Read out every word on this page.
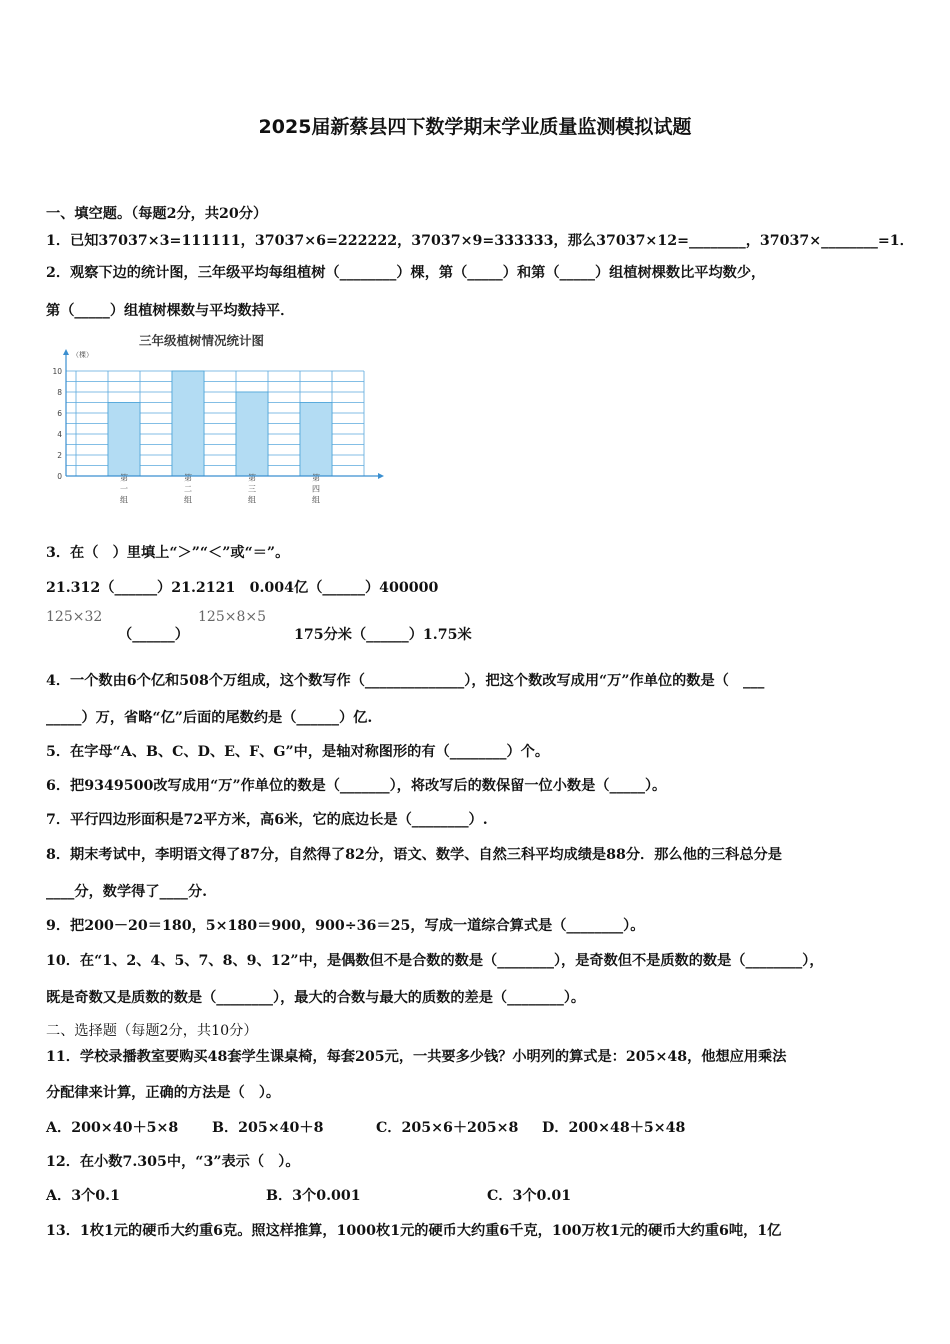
2025届新蔡县四下数学期末学业质量监测模拟试题
一、填空题。（每题2分，共20分）
1．已知37037×3=111111，37037×6=222222，37037×9=333333，那么37037×12=________，37037×________=1．
2．观察下边的统计图，三年级平均每组植树（________）棵，第（_____）和第（_____）组植树棵数比平均数少，
第（_____）组植树棵数与平均数持平．
三年级植树情况统计图
（棵）
0
2
4
6
8
10
第一组	第二组	第三组	第四组
3．在（　）里填上“＞”“＜”或“＝”。
21.312（______）21.2121　0.004亿（______）400000
125×32
（______）
125×8×5
175分米（______）1.75米
4．一个数由6个亿和508个万组成，这个数写作（______________），把这个数改写成用“万”作单位的数是（　___
_____）万，省略“亿”后面的尾数约是（______）亿.
5．在字母“A、B、C、D、E、F、G”中，是轴对称图形的有（________）个。
6．把9349500改写成用“万”作单位的数是（_______），将改写后的数保留一位小数是（_____）。
7．平行四边形面积是72平方米，高6米，它的底边长是（________）.
8．期末考试中，李明语文得了87分，自然得了82分，语文、数学、自然三科平均成绩是88分．那么他的三科总分是
____分，数学得了____分.
9．把200－20＝180，5×180＝900，900÷36＝25，写成一道综合算式是（________）。
10．在“1、2、4、5、7、8、9、12”中，是偶数但不是合数的数是（________），是奇数但不是质数的数是（________），
既是奇数又是质数的数是（________），最大的合数与最大的质数的差是（________）。
二、选择题（每题2分，共10分）
11．学校录播教室要购买48套学生课桌椅，每套205元，一共要多少钱？小明列的算式是：205×48，他想应用乘法
分配律来计算，正确的方法是（　）。
A．200×40＋5×8 B．205×40＋8	C．205×6＋205×8 D．200×48＋5×48
12．在小数7.305中，“3”表示（　）。
A．3个0.1	B．3个0.001	C．3个0.01
13．1枚1元的硬币大约重6克。照这样推算，1000枚1元的硬币大约重6千克，100万枚1元的硬币大约重6吨，1亿
